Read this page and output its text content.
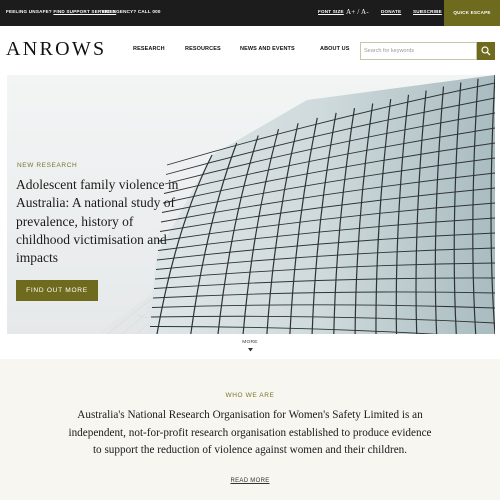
FEELING UNSAFE? FIND SUPPORT SERVICES
EMERGENCY? CALL 000	FONT SIZE A+ / A-	DONATE	SUBSCRIBE	QUICK ESCAPE
ANROWS	RESEARCH	RESOURCES	NEWS AND EVENTS	ABOUT US
Search for keywords
NEW RESEARCH
Adolescent family violence in Australia: A national study of prevalence, history of childhood victimisation and impacts
FIND OUT MORE
MORE
WHO WE ARE
Australia's National Research Organisation for Women's Safety Limited is an independent, not-for-profit research organisation established to produce evidence to support the reduction of violence against women and their children.
READ MORE
